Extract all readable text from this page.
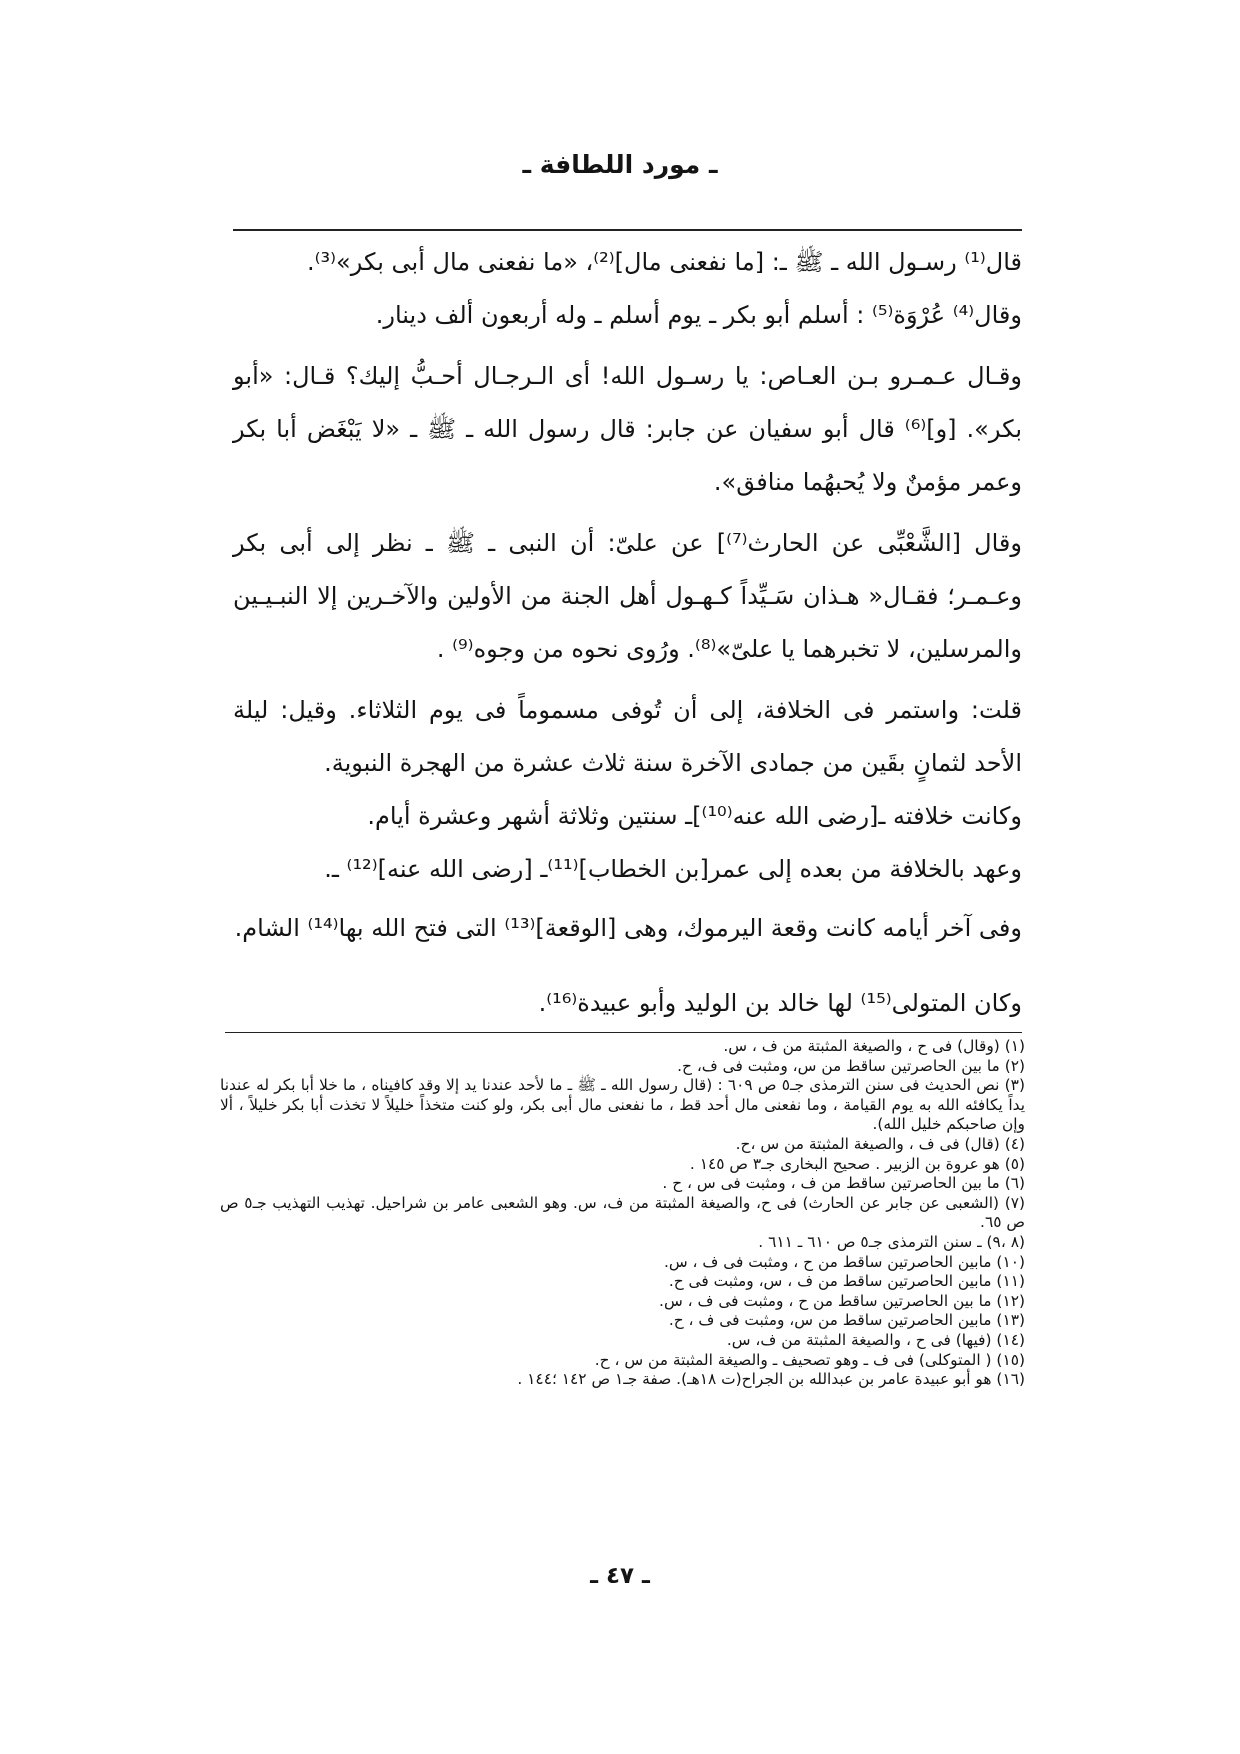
ـ مورد اللطافة ـ

قال⁽¹⁾ رسـول الله ـ ﷺ ـ: [ما نفعنى مال]⁽²⁾، «ما نفعنى مال أبى بكر»⁽³⁾.

وقال⁽⁴⁾ عُرْوَة⁽⁵⁾ : أسلم أبو بكر ـ يوم أسلم ـ وله أربعون ألف دينار.

وقـال عـمـرو بـن العـاص: يا رسـول الله! أى الـرجـال أحـبُّ إليك؟ قـال: «أبو بكر». [و]⁽⁶⁾ قال أبو سفيان عن جابر: قال رسول الله ـ ﷺ ـ «لا يَبْغَض أبا بكر وعمر مؤمنٌ ولا يُحبهُما منافق».

وقال [الشَّعْبِّى عن الحارث⁽⁷⁾] عن علىّ: أن النبى ـ ﷺ ـ نظر إلى أبى بكر وعـمـر؛ فقـال« هـذان سَـيِّداً كـهـول أهل الجنة من الأولين والآخـرين إلا النبـيـين والمرسلين، لا تخبرهما يا علىّ»⁽⁸⁾. ورُوى نحوه من وجوه⁽⁹⁾ .

قلت: واستمر فى الخلافة، إلى أن تُوفى مسموماً فى يوم الثلاثاء. وقيل: ليلة الأحد لثمانٍ بقَين من جمادى الآخرة سنة ثلاث عشرة من الهجرة النبوية.

وكانت خلافته ـ[رضى الله عنه⁽¹⁰⁾]ـ سنتين وثلاثة أشهر وعشرة أيام.

وعهد بالخلافة من بعده إلى عمر[بن الخطاب]⁽¹¹⁾ـ [رضى الله عنه]⁽¹²⁾ ـ.

وفى آخر أيامه كانت وقعة اليرموك، وهى [الوقعة]⁽¹³⁾ التى فتح الله بها⁽¹⁴⁾ الشام.

وكان المتولى⁽¹⁵⁾ لها خالد بن الوليد وأبو عبيدة⁽¹⁶⁾.

(١) (وقال) فى ح ، والصيغة المثبتة من ف ، س.

(٢) ما بين الحاصرتين ساقط من س، ومثبت فى ف، ح.

(٣) نص الحديث فى سنن الترمذى جـ٥ ص ٦٠٩ : (قال رسول الله ـ ﷺ ـ ما لأحد عندنا يد إلا وقد كافيناه ، ما خلا أبا بكر له عندنا يداً يكافئه الله به يوم القيامة ، وما نفعنى مال أحد قط ، ما نفعنى مال أبى بكر، ولو كنت متخذاً خليلاً لا تخذت أبا بكر خليلاً ، ألا وإن صاحبكم خليل الله).

(٤) (قال) فى ف ، والصيغة المثبتة من س ،ح.

(٥) هو عروة بن الزبير . صحيح البخارى جـ٣ ص ١٤٥ .

(٦) ما بين الحاصرتين ساقط من ف ، ومثبت فى س ، ح .

(٧) (الشعبى عن جابر عن الحارث) فى ح، والصيغة المثبتة من ف، س. وهو الشعبى عامر بن شراحيل. تهذيب التهذيب جـ٥ ص ص ٦٥.

(٨ ،٩) ـ سنن الترمذى جـ٥ ص ٦١٠ ـ ٦١١ .

(١٠) مابين الحاصرتين ساقط من ح ، ومثبت فى ف ، س.

(١١) مابين الحاصرتين ساقط من ف ، س، ومثبت فى ح.

(١٢) ما بين الحاصرتين ساقط من ح ، ومثبت فى ف ، س.

(١٣) مابين الحاصرتين ساقط من س، ومثبت فى ف ، ح.

(١٤) (فيها) فى ح ، والصيغة المثبتة من ف، س.

(١٥) ( المتوكلى) فى ف ـ وهو تصحيف ـ والصيغة المثبتة من س ، ح.

(١٦) هو أبو عبيدة عامر بن عبدالله بن الجراح(ت ١٨هـ). صفة جـ١ ص ١٤٢ ؛١٤٤ .

ـ ٤٧ ـ
